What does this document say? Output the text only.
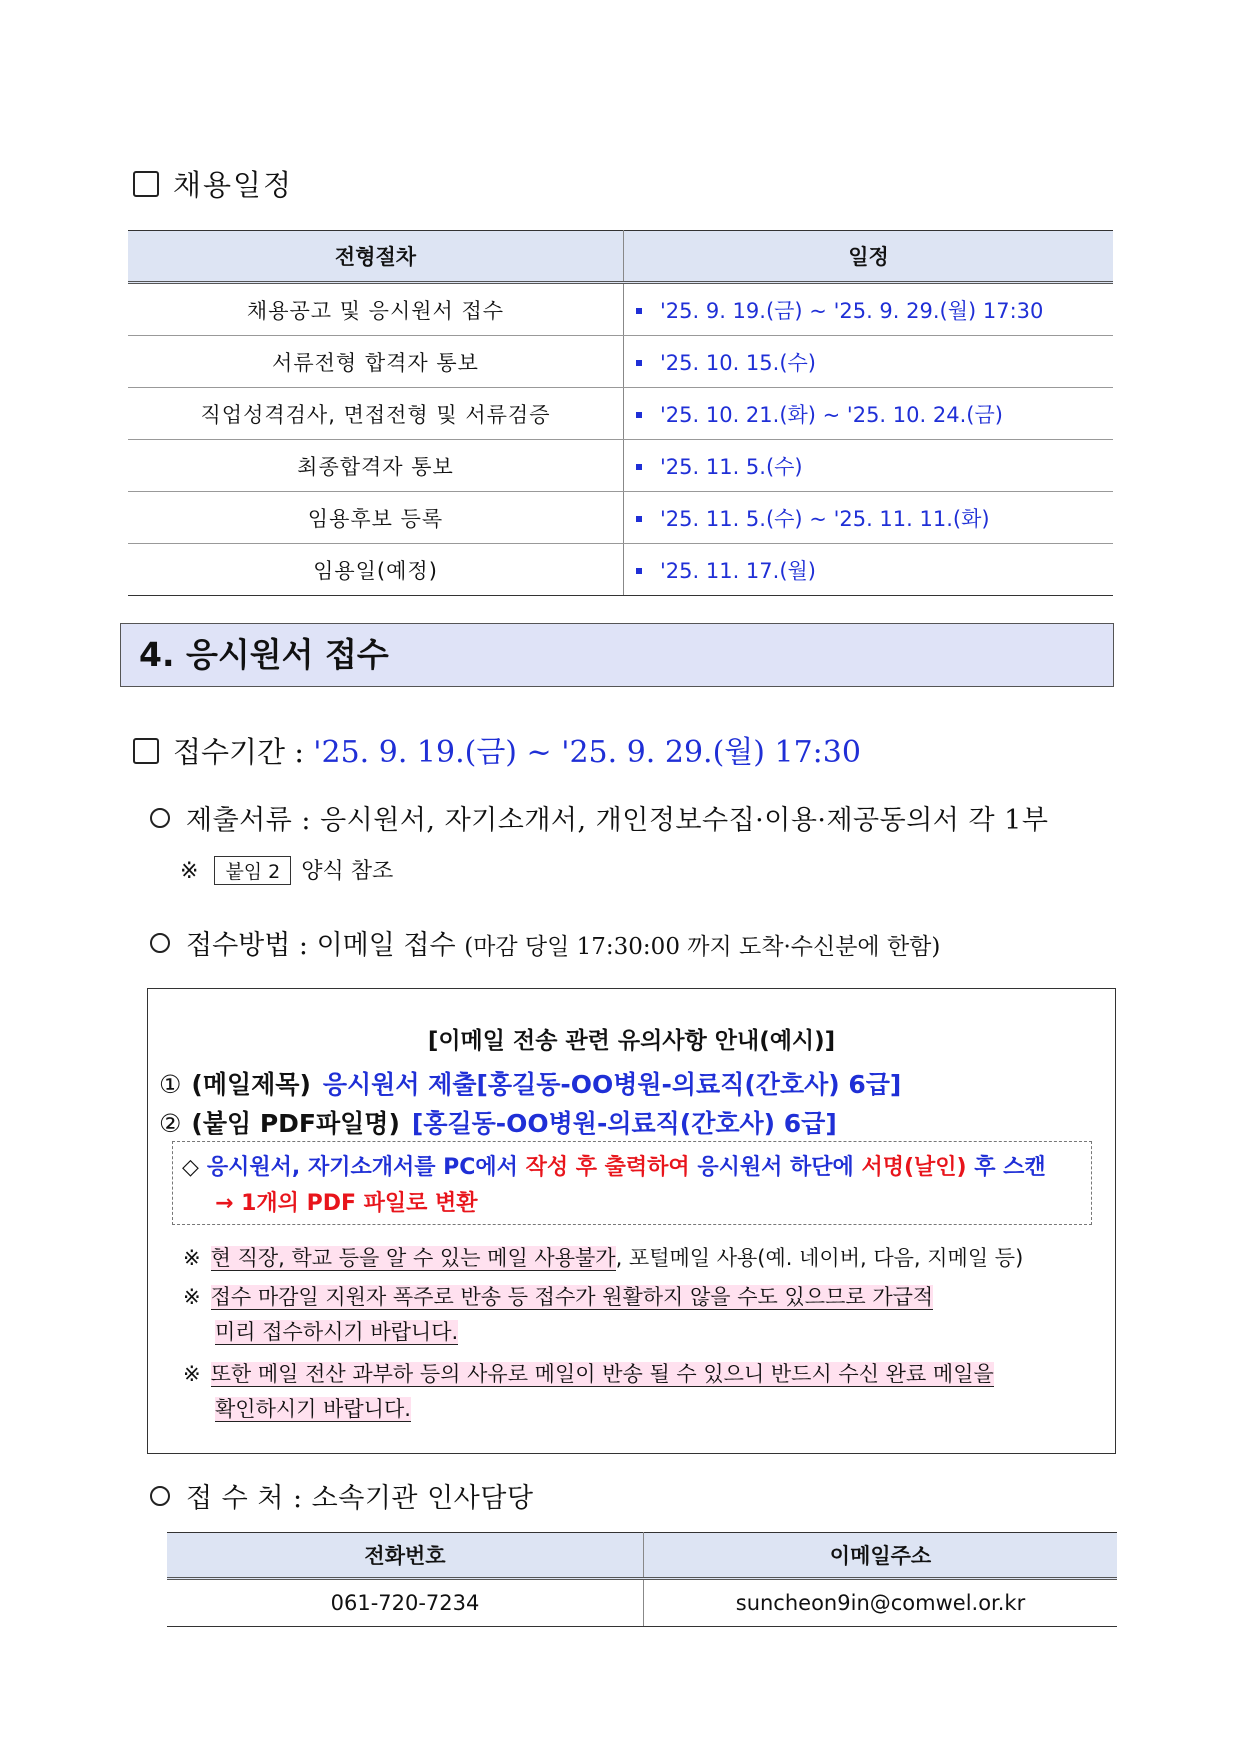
채용일정
전형절차	일정
채용공고 및 응시원서 접수	'25. 9. 19.(금) ~ '25. 9. 29.(월) 17:30
서류전형 합격자 통보	'25. 10. 15.(수)
직업성격검사, 면접전형 및 서류검증	'25. 10. 21.(화) ~ '25. 10. 24.(금)
최종합격자 통보	'25. 11. 5.(수)
임용후보 등록	'25. 11. 5.(수) ~ '25. 11. 11.(화)
임용일(예정)	'25. 11. 17.(월)
4. 응시원서 접수
접수기간 : '25. 9. 19.(금) ~ '25. 9. 29.(월) 17:30
제출서류 : 응시원서, 자기소개서, 개인정보수집·이용·제공동의서 각 1부
※ 붙임 2 양식 참조
접수방법 : 이메일 접수 (마감 당일 17:30:00 까지 도착·수신분에 한함)
[이메일 전송 관련 유의사항 안내(예시)]
① (메일제목) 응시원서 제출[홍길동-OO병원-의료직(간호사) 6급]
② (붙임 PDF파일명) [홍길동-OO병원-의료직(간호사) 6급]
◇ 응시원서, 자기소개서를 PC에서 작성 후 출력하여 응시원서 하단에 서명(날인) 후 스캔
→ 1개의 PDF 파일로 변환
※ 현 직장, 학교 등을 알 수 있는 메일 사용불가, 포털메일 사용(예. 네이버, 다음, 지메일 등)
※ 접수 마감일 지원자 폭주로 반송 등 접수가 원활하지 않을 수도 있으므로 가급적
미리 접수하시기 바랍니다.
※ 또한 메일 전산 과부하 등의 사유로 메일이 반송 될 수 있으니 반드시 수신 완료 메일을
확인하시기 바랍니다.
접 수 처 : 소속기관 인사담당
전화번호	이메일주소
061-720-7234	suncheon9in@comwel.or.kr
